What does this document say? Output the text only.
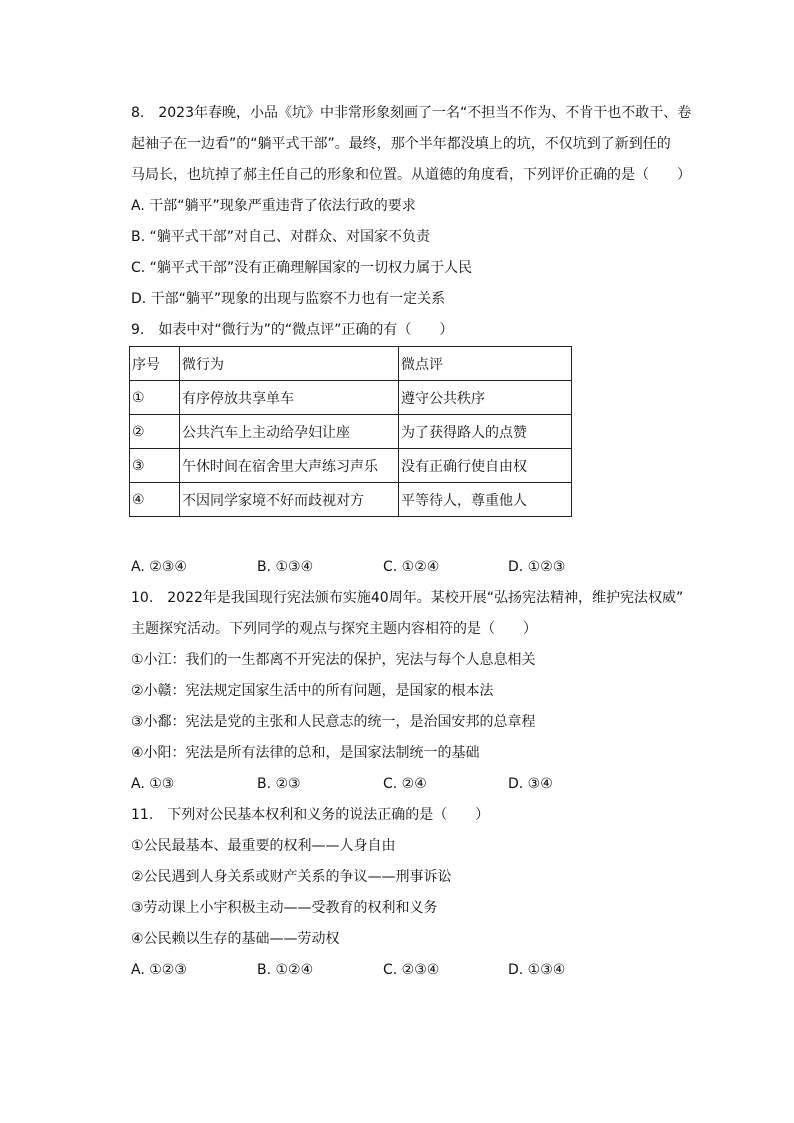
8.　2023年春晚，小品《坑》中非常形象刻画了一名“不担当不作为、不肯干也不敢干、卷
起袖子在一边看”的“躺平式干部”。最终，那个半年都没填上的坑，不仅坑到了新到任的
马局长，也坑掉了郝主任自己的形象和位置。从道德的角度看，下列评价正确的是（　　）
A. 干部“躺平”现象严重违背了依法行政的要求
B. “躺平式干部”对自己、对群众、对国家不负责
C. “躺平式干部”没有正确理解国家的一切权力属于人民
D. 干部“躺平”现象的出现与监察不力也有一定关系
9.　如表中对“微行为”的“微点评”正确的有（　　）
序号	微行为	微点评
①	有序停放共享单车	遵守公共秩序
②	公共汽车上主动给孕妇让座	为了获得路人的点赞
③	午休时间在宿舍里大声练习声乐	没有正确行使自由权
④	不因同学家境不好而歧视对方	平等待人，尊重他人
A. ②③④	B. ①③④	C. ①②④	D. ①②③
10.　2022年是我国现行宪法颁布实施40周年。某校开展“弘扬宪法精神，维护宪法权威”
主题探究活动。下列同学的观点与探究主题内容相符的是（　　）
①小江：我们的一生都离不开宪法的保护，宪法与每个人息息相关
②小赣：宪法规定国家生活中的所有问题，是国家的根本法
③小鄱：宪法是党的主张和人民意志的统一，是治国安邦的总章程
④小阳：宪法是所有法律的总和，是国家法制统一的基础
A. ①③	B. ②③	C. ②④	D. ③④
11.　下列对公民基本权利和义务的说法正确的是（　　）
①公民最基本、最重要的权利——人身自由
②公民遇到人身关系或财产关系的争议——刑事诉讼
③劳动课上小宇积极主动——受教育的权利和义务
④公民赖以生存的基础——劳动权
A. ①②③	B. ①②④	C. ②③④	D. ①③④
